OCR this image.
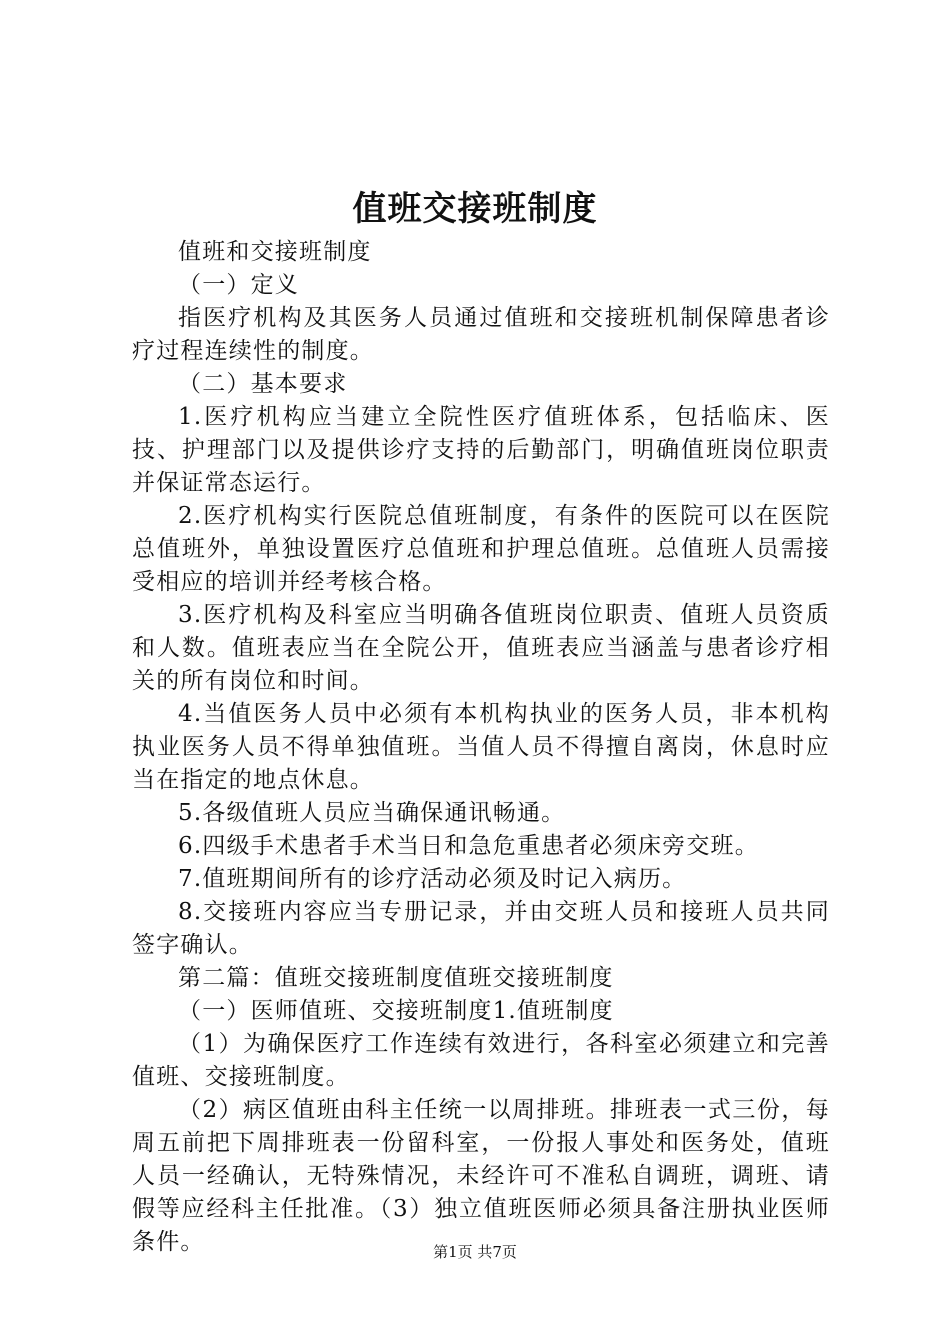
值班交接班制度

值班和交接班制度

（一）定义

指医疗机构及其医务人员通过值班和交接班机制保障患者诊疗过程连续性的制度。

（二）基本要求

1.医疗机构应当建立全院性医疗值班体系，包括临床、医技、护理部门以及提供诊疗支持的后勤部门，明确值班岗位职责并保证常态运行。

2.医疗机构实行医院总值班制度，有条件的医院可以在医院总值班外，单独设置医疗总值班和护理总值班。总值班人员需接受相应的培训并经考核合格。

3.医疗机构及科室应当明确各值班岗位职责、值班人员资质和人数。值班表应当在全院公开，值班表应当涵盖与患者诊疗相关的所有岗位和时间。

4.当值医务人员中必须有本机构执业的医务人员，非本机构执业医务人员不得单独值班。当值人员不得擅自离岗，休息时应当在指定的地点休息。

5.各级值班人员应当确保通讯畅通。

6.四级手术患者手术当日和急危重患者必须床旁交班。

7.值班期间所有的诊疗活动必须及时记入病历。

8.交接班内容应当专册记录，并由交班人员和接班人员共同签字确认。

第二篇：值班交接班制度值班交接班制度

（一）医师值班、交接班制度1.值班制度

（1）为确保医疗工作连续有效进行，各科室必须建立和完善值班、交接班制度。

（2）病区值班由科主任统一以周排班。排班表一式三份，每周五前把下周排班表一份留科室，一份报人事处和医务处，值班人员一经确认，无特殊情况，未经许可不准私自调班，调班、请假等应经科主任批准。（3）独立值班医师必须具备注册执业医师条件。	第1页 共7页
